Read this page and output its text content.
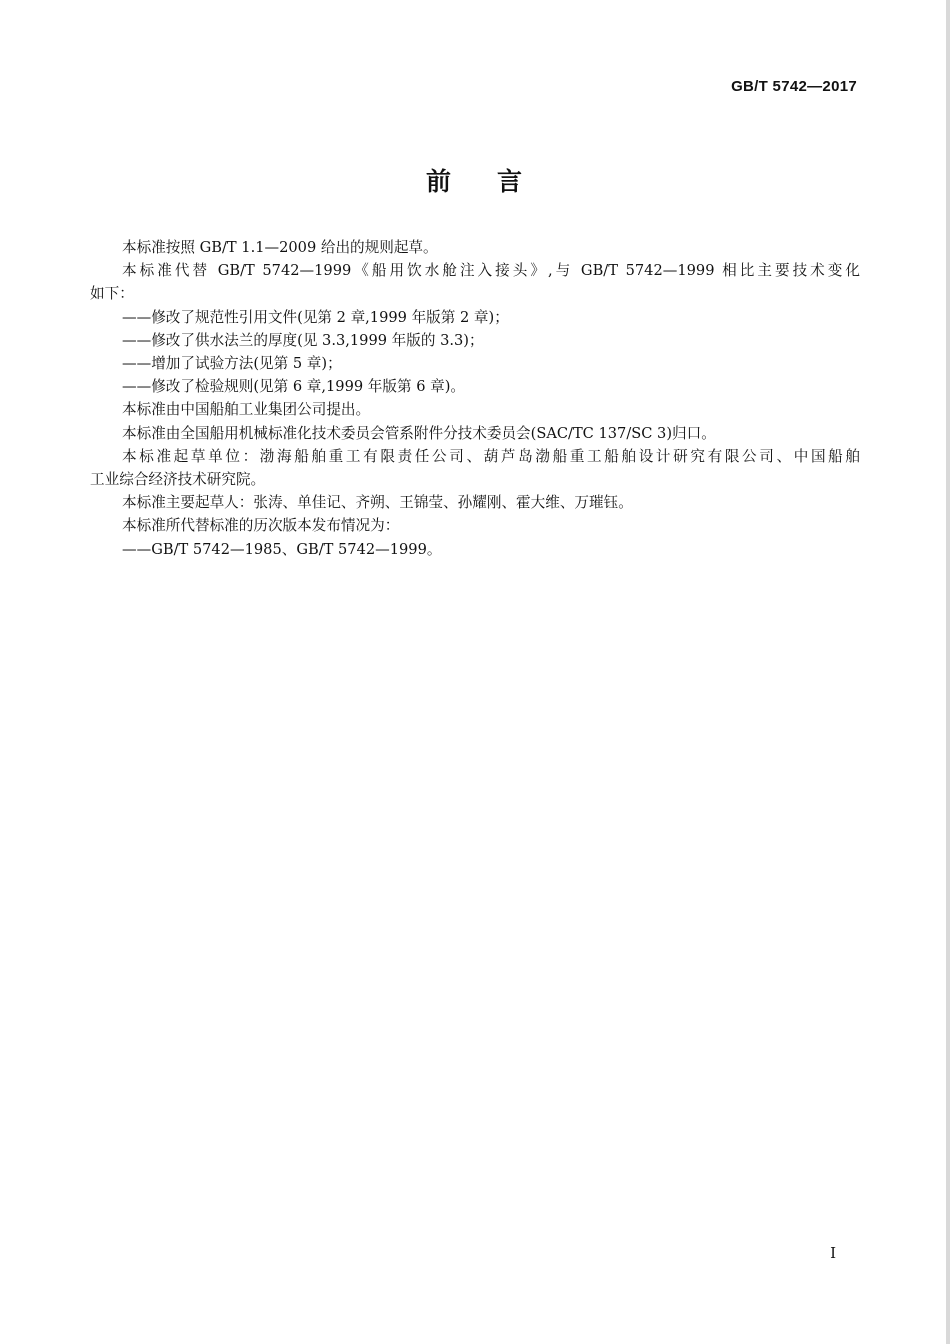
GB/T 5742—2017
前 言

本标准按照 GB/T 1.1—2009 给出的规则起草。

本标准代替 GB/T 5742—1999《船用饮水舱注入接头》,与 GB/T 5742—1999 相比主要技术变化

如下：

——修改了规范性引用文件(见第 2 章,1999 年版第 2 章)；

——修改了供水法兰的厚度(见 3.3,1999 年版的 3.3)；

——增加了试验方法(见第 5 章)；

——修改了检验规则(见第 6 章,1999 年版第 6 章)。

本标准由中国船舶工业集团公司提出。

本标准由全国船用机械标准化技术委员会管系附件分技术委员会(SAC/TC 137/SC 3)归口。

本标准起草单位：渤海船舶重工有限责任公司、葫芦岛渤船重工船舶设计研究有限公司、中国船舶

工业综合经济技术研究院。

本标准主要起草人：张涛、单佳记、齐朔、王锦莹、孙耀刚、霍大维、万璀钰。

本标准所代替标准的历次版本发布情况为：

——GB/T 5742—1985、GB/T 5742—1999。

I
